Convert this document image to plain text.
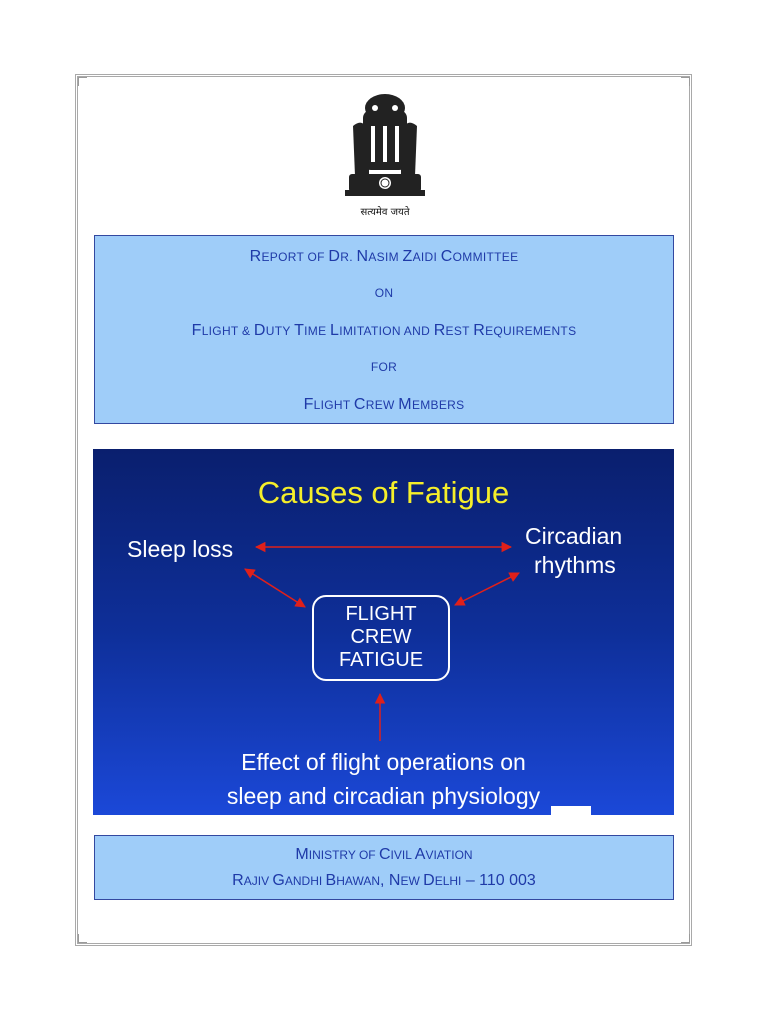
सत्यमेव जयते
REPORT OF DR. NASIM ZAIDI COMMITTEE
ON
FLIGHT & DUTY TIME LIMITATION AND REST REQUIREMENTS
FOR
FLIGHT CREW MEMBERS
Causes of Fatigue
Sleep loss	Circadian
rhythms
FLIGHT
CREW
FATIGUE
Effect of flight operations on
sleep and circadian physiology
MINISTRY OF CIVIL AVIATION
RAJIV GANDHI BHAWAN, NEW DELHI – 110 003
